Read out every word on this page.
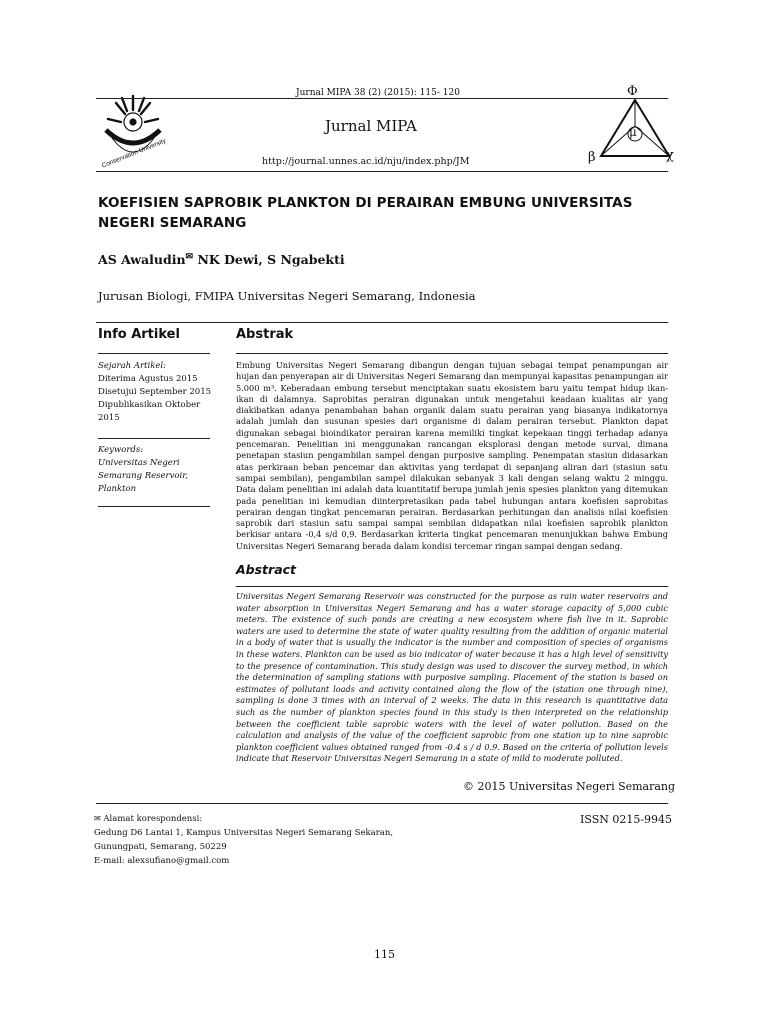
Conservation University
Jurnal MIPA 38 (2) (2015): 115- 120
Jurnal MIPA
http://journal.unnes.ac.id/nju/index.php/JM
Φ
μ
β	χ
KOEFISIEN SAPROBIK PLANKTON DI PERAIRAN EMBUNG UNIVERSITAS NEGERI SEMARANG
AS Awaludin✉ NK Dewi, S Ngabekti
Jurusan Biologi, FMIPA Universitas Negeri Semarang, Indonesia
Info Artikel	Abstrak
Sejarah Artikel:
Diterima Agustus 2015
Disetujui September 2015
Dipublikasikan Oktober 2015
Keywords:
Universitas Negeri
Semarang Reservoir,
Plankton
Embung Universitas Negeri Semarang dibangun dengan tujuan sebagai tempat penampungan air hujan dan penyerapan air di Universitas Negeri Semarang dan mempunyai kapasitas penampungan air 5.000 m³. Keberadaan embung tersebut menciptakan suatu ekosistem baru yaitu tempat hidup ikan-ikan di dalamnya. Saprobitas perairan digunakan untuk mengetahui keadaan kualitas air yang diakibatkan adanya penambahan bahan organik dalam suatu perairan yang biasanya indikatornya adalah jumlah dan susunan spesies dari organisme di dalam perairan tersebut. Plankton dapat digunakan sebagai bioindikator perairan karena memiliki tingkat kepekaan tinggi terhadap adanya pencemaran. Penelitian ini menggunakan rancangan eksplorasi dengan metode survai, dimana penetapan stasiun pengambilan sampel dengan purposive sampling. Penempatan stasiun didasarkan atas perkiraan beban pencemar dan aktivitas yang terdapat di sepanjang aliran dari (stasiun satu sampai sembilan), pengambilan sampel dilakukan sebanyak 3 kali dengan selang waktu 2 minggu. Data dalam penelitian ini adalah data kuantitatif berupa jumlah jenis spesies plankton yang ditemukan pada penelitian ini kemudian diinterpretasikan pada tabel hubungan antara koefisien saprobitas perairan dengan tingkat pencemaran perairan. Berdasarkan perhitungan dan analisis nilai koefisien saprobik dari stasiun satu sampai sampai sembilan didapatkan nilai koefisien saprobik plankton berkisar antara -0,4 s/d 0,9. Berdasarkan kriteria tingkat pencemaran menunjukkan bahwa Embung Universitas Negeri Semarang berada dalam kondisi tercemar ringan sampai dengan sedang.
Abstract
Universitas Negeri Semarang Reservoir was constructed for the purpose as rain water reservoirs and water absorption in Universitas Negeri Semarang and has a water storage capacity of 5,000 cubic meters. The existence of such ponds are creating a new ecosystem where fish live in it. Saprobic waters are used to determine the state of water quality resulting from the addition of organic material in a body of water that is usually the indicator is the number and composition of species of organisms in these waters. Plankton can be used as bio indicator of water because it has a high level of sensitivity to the presence of contamination. This study design was used to discover the survey method, in which the determination of sampling stations with purposive sampling. Placement of the station is based on estimates of pollutant loads and activity contained along the flow of the (station one through nine), sampling is done 3 times with an interval of 2 weeks. The data in this research is quantitative data such as the number of plankton species found in this study is then interpreted on the relationship between the coefficient table saprobic waters with the level of water pollution. Based on the calculation and analysis of the value of the coefficient saprobic from one station up to nine saprobic plankton coefficient values obtained ranged from -0.4 s / d 0.9. Based on the criteria of pollution levels indicate that Reservoir Universitas Negeri Semarang in a state of mild to moderate polluted.
© 2015 Universitas Negeri Semarang
ISSN 0215-9945
✉ Alamat korespondensi:
Gedung D6 Lantai 1, Kampus Universitas Negeri Semarang Sekaran,
Gunungpati, Semarang, 50229
E-mail: alexsufiano@gmail.com
115
